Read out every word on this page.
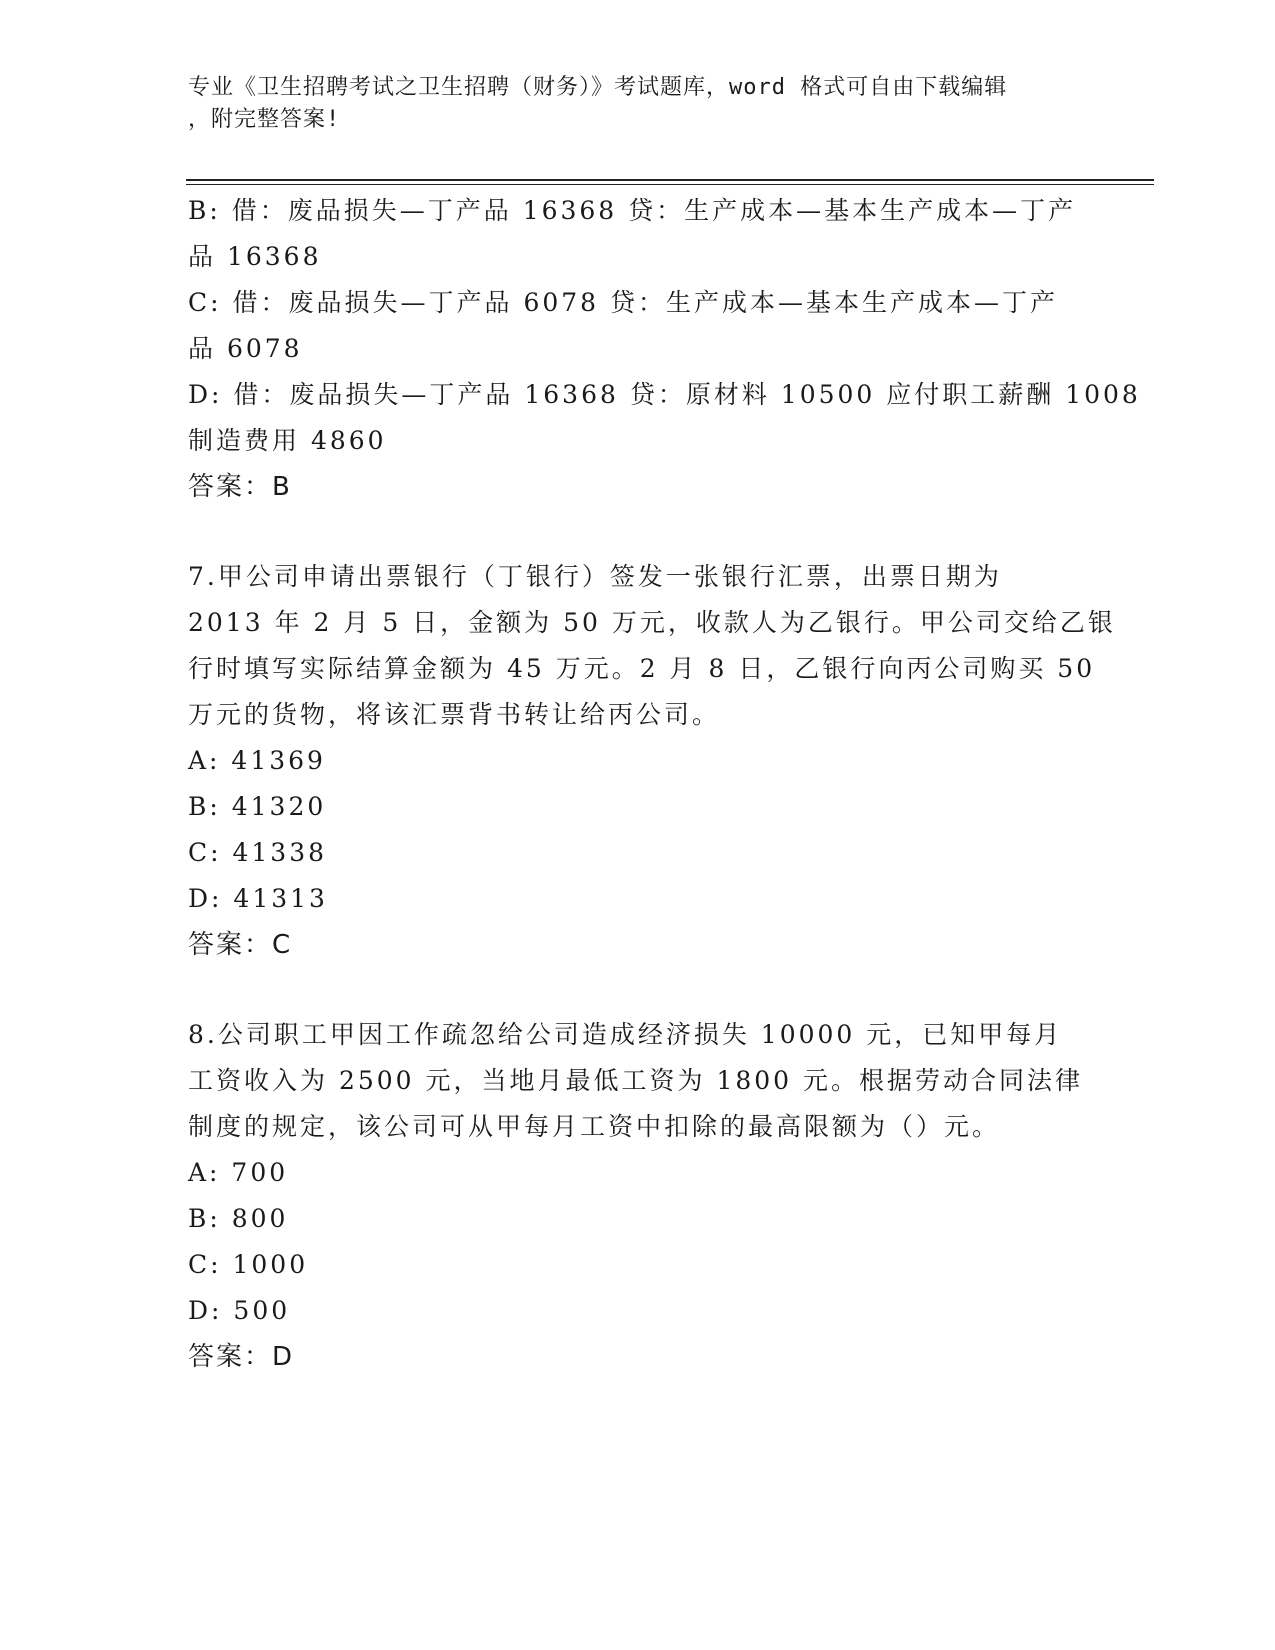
专业《卫生招聘考试之卫生招聘（财务）》考试题库，word 格式可自由下载编辑
，附完整答案!
B: 借：废品损失—丁产品 16368 贷：生产成本—基本生产成本—丁产
品 16368
C: 借：废品损失—丁产品 6078 贷：生产成本—基本生产成本—丁产
品 6078
D: 借：废品损失—丁产品 16368 贷：原材料 10500 应付职工薪酬 1008
制造费用 4860
答案：B
7.甲公司申请出票银行（丁银行）签发一张银行汇票，出票日期为
2013 年 2 月 5 日，金额为 50 万元，收款人为乙银行。甲公司交给乙银
行时填写实际结算金额为 45 万元。2 月 8 日，乙银行向丙公司购买 50
万元的货物，将该汇票背书转让给丙公司。
A: 41369
B: 41320
C: 41338
D: 41313
答案：C
8.公司职工甲因工作疏忽给公司造成经济损失 10000 元，已知甲每月
工资收入为 2500 元，当地月最低工资为 1800 元。根据劳动合同法律
制度的规定，该公司可从甲每月工资中扣除的最高限额为（）元。
A: 700
B: 800
C: 1000
D: 500
答案：D
